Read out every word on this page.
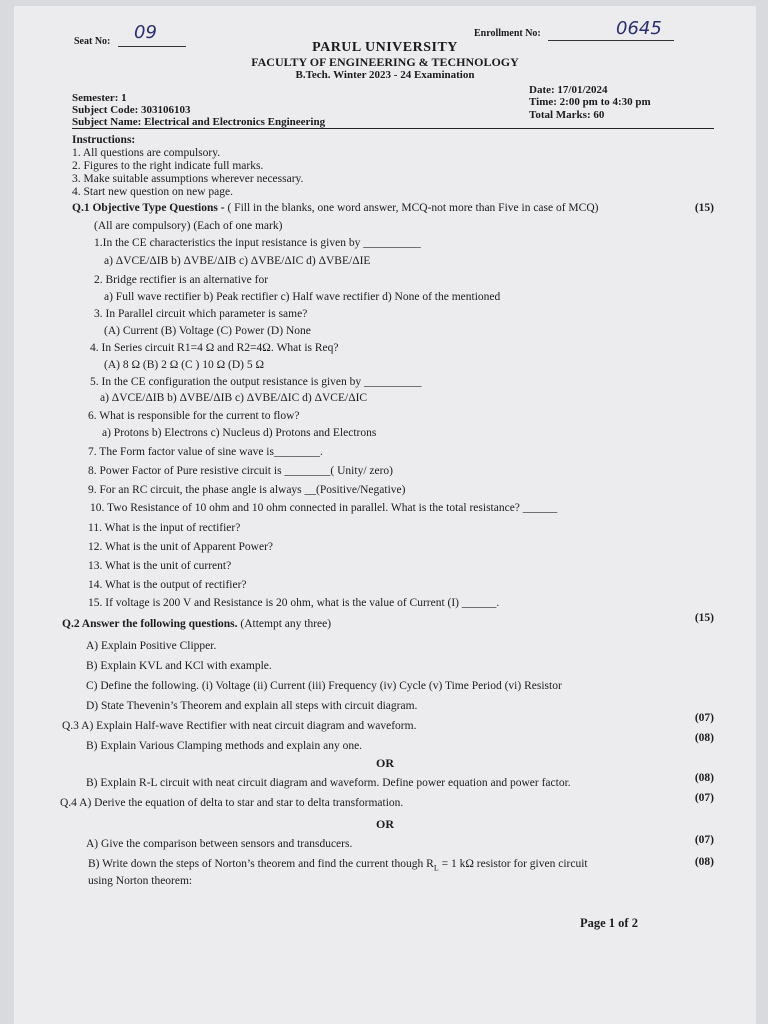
Seat No: 09	Enrollment No:	0645
PARUL UNIVERSITY
FACULTY OF ENGINEERING & TECHNOLOGY
B.Tech. Winter 2023 - 24 Examination
Semester: 1
Subject Code: 303106103
Subject Name: Electrical and Electronics Engineering
Date: 17/01/2024
Time: 2:00 pm to 4:30 pm
Total Marks: 60
Instructions:
1. All questions are compulsory.
2. Figures to the right indicate full marks.
3. Make suitable assumptions wherever necessary.
4. Start new question on new page.
Q.1 Objective Type Questions - ( Fill in the blanks, one word answer, MCQ-not more than Five in case of MCQ)	(15)
(All are compulsory) (Each of one mark)
1.In the CE characteristics the input resistance is given by __________
a) ΔVCE/ΔIB b) ΔVBE/ΔIB c) ΔVBE/ΔIC d) ΔVBE/ΔIE
2. Bridge rectifier is an alternative for
a) Full wave rectifier b) Peak rectifier c) Half wave rectifier d) None of the mentioned
3. In Parallel circuit which parameter is same?
(A) Current (B) Voltage (C) Power (D) None
4. In Series circuit R1=4 Ω and R2=4Ω. What is Req?
(A) 8 Ω (B) 2 Ω (C ) 10 Ω (D) 5 Ω
5. In the CE configuration the output resistance is given by __________
a) ΔVCE/ΔIB b) ΔVBE/ΔIB c) ΔVBE/ΔIC d) ΔVCE/ΔIC
6. What is responsible for the current to flow?
a) Protons b) Electrons c) Nucleus d) Protons and Electrons
7. The Form factor value of sine wave is________.
8. Power Factor of Pure resistive circuit is ________( Unity/ zero)
9. For an RC circuit, the phase angle is always __(Positive/Negative)
10. Two Resistance of 10 ohm and 10 ohm connected in parallel. What is the total resistance? ______
11. What is the input of rectifier?
12. What is the unit of Apparent Power?
13. What is the unit of current?
14. What is the output of rectifier?
15. If voltage is 200 V and Resistance is 20 ohm, what is the value of Current (I) ______.
Q.2 Answer the following questions. (Attempt any three)	(15)
A) Explain Positive Clipper.
B) Explain KVL and KCl with example.
C) Define the following. (i) Voltage (ii) Current (iii) Frequency (iv) Cycle (v) Time Period (vi) Resistor
D) State Thevenin’s Theorem and explain all steps with circuit diagram.
Q.3 A) Explain Half-wave Rectifier with neat circuit diagram and waveform.
(07)
B) Explain Various Clamping methods and explain any one.
(08)
OR
B) Explain R-L circuit with neat circuit diagram and waveform. Define power equation and power factor.	(08)
Q.4 A) Derive the equation of delta to star and star to delta transformation.	(07)
OR
A) Give the comparison between sensors and transducers.	(07)
B) Write down the steps of Norton’s theorem and find the current though $R_L = 1$ kΩ resistor for given circuit	(08)
using Norton theorem:
Page 1 of 2
